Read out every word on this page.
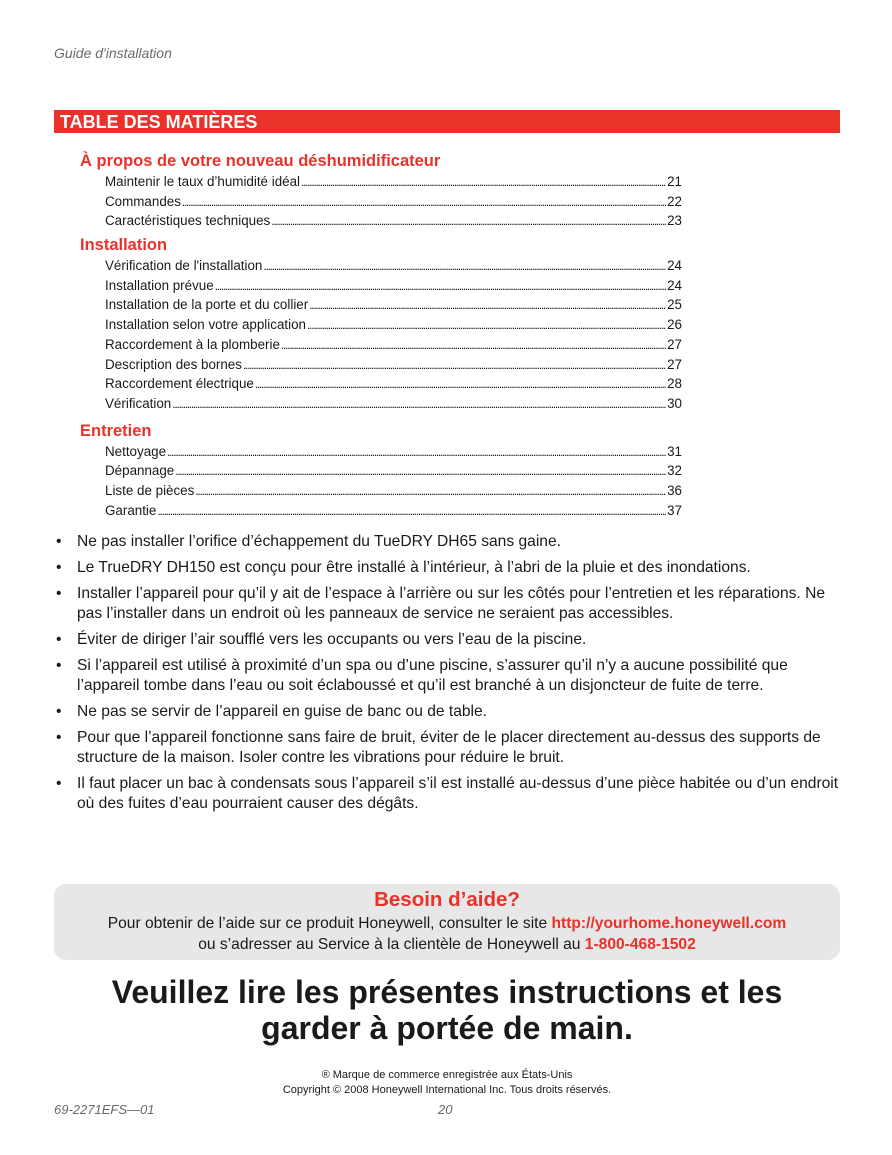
Guide d'installation
TABLE DES MATIÈRES
À propos de votre nouveau déshumidificateur
Maintenir le taux d’humidité idéal . . .	21
Commandes . . .	22
Caractéristiques techniques . . .	23
Installation
Vérification de l'installation . . .	24
Installation prévue . . .	24
Installation de la porte et du collier . . .	25
Installation selon votre application . . .	26
Raccordement à la plomberie . . .	27
Description des bornes . . .	27
Raccordement électrique . . .	28
Vérification . . .	30
Entretien
Nettoyage . . .	31
Dépannage . . .	32
Liste de pièces . . .	36
Garantie . . .	37
• Ne pas installer l’orifice d’échappement du TueDRY DH65 sans gaine.
• Le TrueDRY DH150 est conçu pour être installé à l’intérieur, à l’abri de la pluie et des inondations.
• Installer l’appareil pour qu’il y ait de l’espace à l’arrière ou sur les côtés pour l’entretien et les réparations. Ne pas l’installer dans un endroit où les panneaux de service ne seraient pas accessibles.
• Éviter de diriger l’air soufflé vers les occupants ou vers l’eau de la piscine.
• Si l’appareil est utilisé à proximité d’un spa ou d’une piscine, s’assurer qu’il n’y a aucune possibilité que l’appareil tombe dans l’eau ou soit éclaboussé et qu’il est branché à un disjoncteur de fuite de terre.
• Ne pas se servir de l’appareil en guise de banc ou de table.
• Pour que l’appareil fonctionne sans faire de bruit, éviter de le placer directement au-dessus des supports de structure de la maison. Isoler contre les vibrations pour réduire le bruit.
• Il faut placer un bac à condensats sous l’appareil s’il est installé au-dessus d’une pièce habitée ou d’un endroit où des fuites d’eau pourraient causer des dégâts.
Besoin d’aide?
Pour obtenir de l’aide sur ce produit Honeywell, consulter le site http://yourhome.honeywell.com
ou s’adresser au Service à la clientèle de Honeywell au 1-800-468-1502
Veuillez lire les présentes instructions et les
garder à portée de main.
® Marque de commerce enregistrée aux États-Unis
Copyright © 2008 Honeywell International Inc. Tous droits réservés.
69-2271EFS—01	20
